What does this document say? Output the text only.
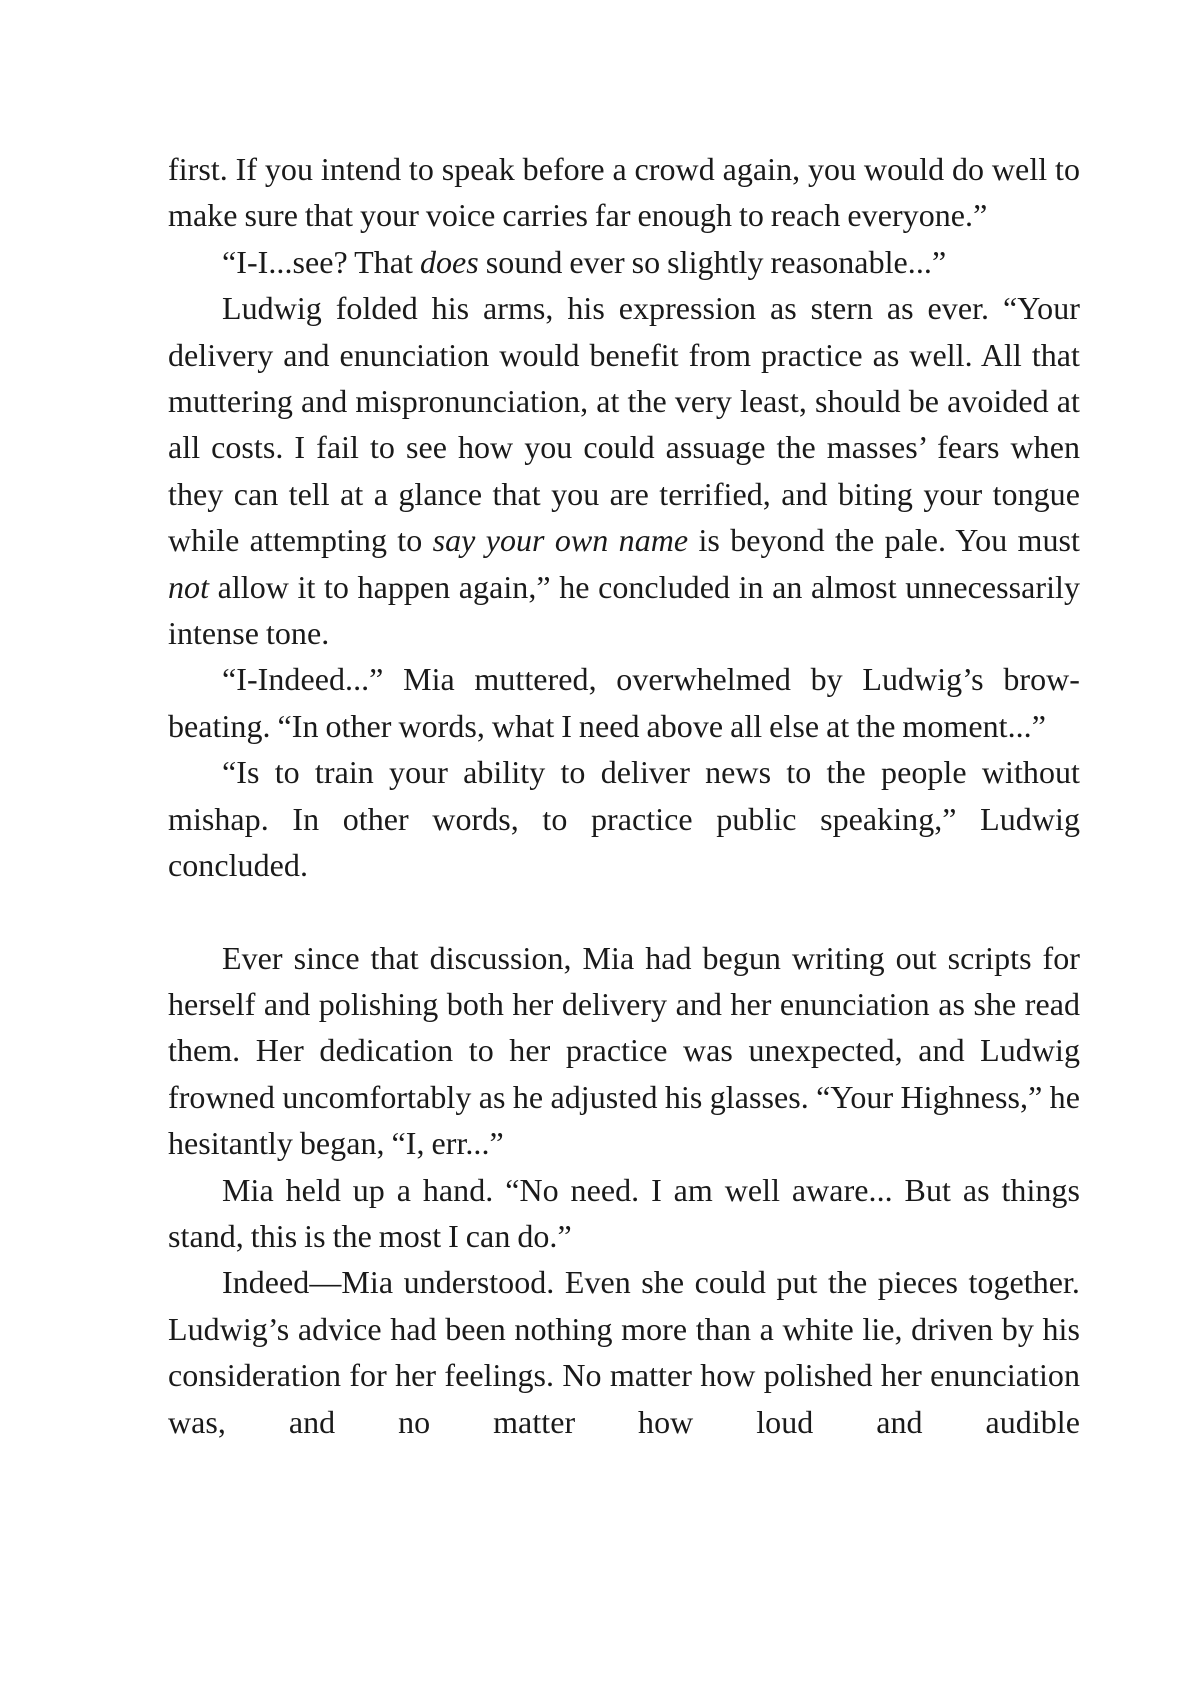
first. If you intend to speak before a crowd again, you would do well to make sure that your voice carries far enough to reach everyone.”

“I-I...see? That does sound ever so slightly reasonable...”

Ludwig folded his arms, his expression as stern as ever. “Your delivery and enunciation would benefit from practice as well. All that muttering and mispronunciation, at the very least, should be avoided at all costs. I fail to see how you could assuage the masses’ fears when they can tell at a glance that you are terrified, and biting your tongue while attempting to say your own name is beyond the pale. You must not allow it to happen again,” he concluded in an almost unnecessarily intense tone.

“I-Indeed...” Mia muttered, overwhelmed by Ludwig’s brow-beating. “In other words, what I need above all else at the moment...”

“Is to train your ability to deliver news to the people without mishap. In other words, to practice public speaking,” Ludwig concluded.

Ever since that discussion, Mia had begun writing out scripts for herself and polishing both her delivery and her enunciation as she read them. Her dedication to her practice was unexpected, and Ludwig frowned uncomfortably as he adjusted his glasses. “Your Highness,” he hesitantly began, “I, err...”

Mia held up a hand. “No need. I am well aware... But as things stand, this is the most I can do.”

Indeed—Mia understood. Even she could put the pieces together. Ludwig’s advice had been nothing more than a white lie, driven by his consideration for her feelings. No matter how polished her enunciation was, and no matter how loud and audible
